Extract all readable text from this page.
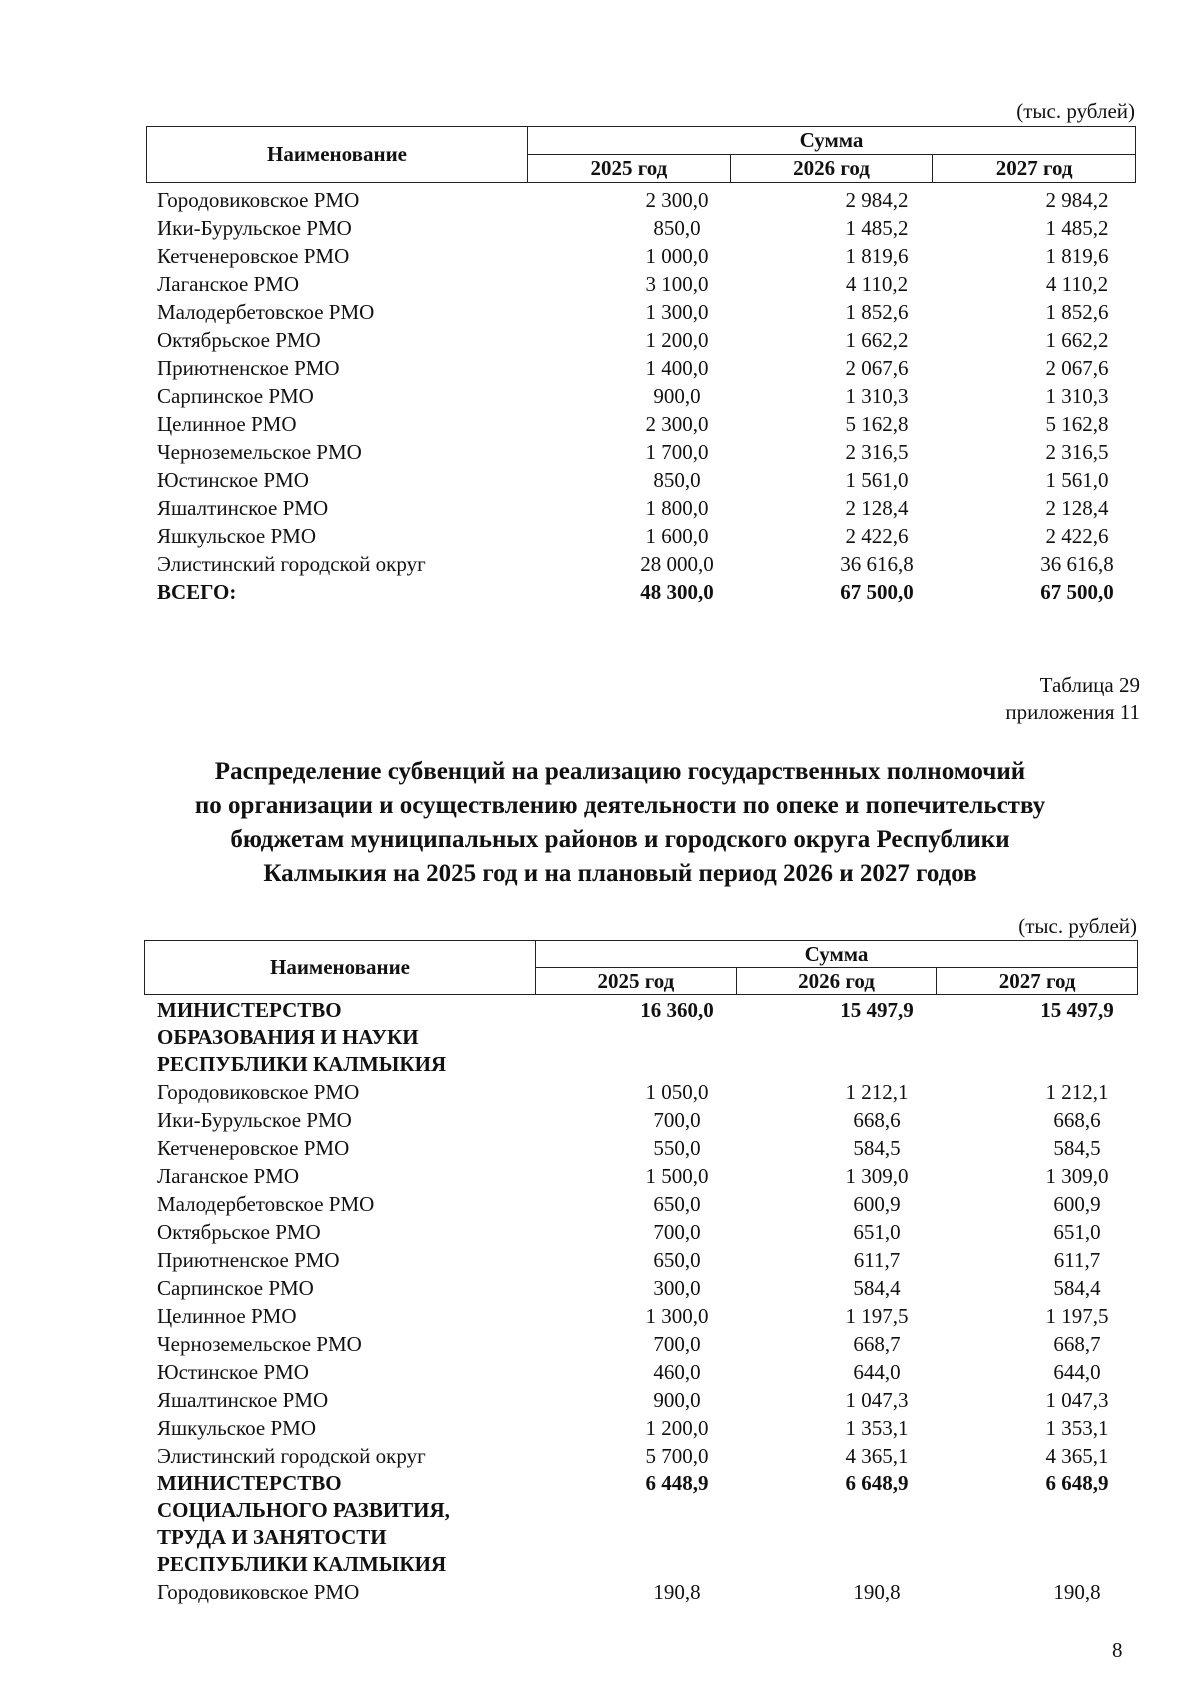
(тыс. рублей)
Наименование	Сумма		
	2025 год	2026 год	2027 год
Городовиковское РМО	2 300,0	2 984,2	2 984,2
Ики-Бурульское РМО	850,0	1 485,2	1 485,2
Кетченеровское РМО	1 000,0	1 819,6	1 819,6
Лаганское РМО	3 100,0	4 110,2	4 110,2
Малодербетовское РМО	1 300,0	1 852,6	1 852,6
Октябрьское РМО	1 200,0	1 662,2	1 662,2
Приютненское РМО	1 400,0	2 067,6	2 067,6
Сарпинское РМО	900,0	1 310,3	1 310,3
Целинное РМО	2 300,0	5 162,8	5 162,8
Черноземельское РМО	1 700,0	2 316,5	2 316,5
Юстинское РМО	850,0	1 561,0	1 561,0
Яшалтинское РМО	1 800,0	2 128,4	2 128,4
Яшкульское РМО	1 600,0	2 422,6	2 422,6
Элистинский городской округ	28 000,0	36 616,8	36 616,8
ВСЕГО:	48 300,0	67 500,0	67 500,0
Таблица 29
приложения 11
Распределение субвенций на реализацию государственных полномочий
по организации и осуществлению деятельности по опеке и попечительству
бюджетам муниципальных районов и городского округа Республики
Калмыкия на 2025 год и на плановый период 2026 и 2027 годов
(тыс. рублей)
Наименование	Сумма		
	2025 год	2026 год	2027 год
МИНИСТЕРСТВО
ОБРАЗОВАНИЯ И НАУКИ
РЕСПУБЛИКИ КАЛМЫКИЯ
16 360,0	15 497,9	15 497,9
Городовиковское РМО	1 050,0	1 212,1	1 212,1
Ики-Бурульское РМО	700,0	668,6	668,6
Кетченеровское РМО	550,0	584,5	584,5
Лаганское РМО	1 500,0	1 309,0	1 309,0
Малодербетовское РМО	650,0	600,9	600,9
Октябрьское РМО	700,0	651,0	651,0
Приютненское РМО	650,0	611,7	611,7
Сарпинское РМО	300,0	584,4	584,4
Целинное РМО	1 300,0	1 197,5	1 197,5
Черноземельское РМО	700,0	668,7	668,7
Юстинское РМО	460,0	644,0	644,0
Яшалтинское РМО	900,0	1 047,3	1 047,3
Яшкульское РМО	1 200,0	1 353,1	1 353,1
Элистинский городской округ	5 700,0	4 365,1	4 365,1
МИНИСТЕРСТВО
СОЦИАЛЬНОГО РАЗВИТИЯ,
ТРУДА И ЗАНЯТОСТИ
РЕСПУБЛИКИ КАЛМЫКИЯ
6 448,9	6 648,9	6 648,9
Городовиковское РМО	190,8	190,8	190,8
8
